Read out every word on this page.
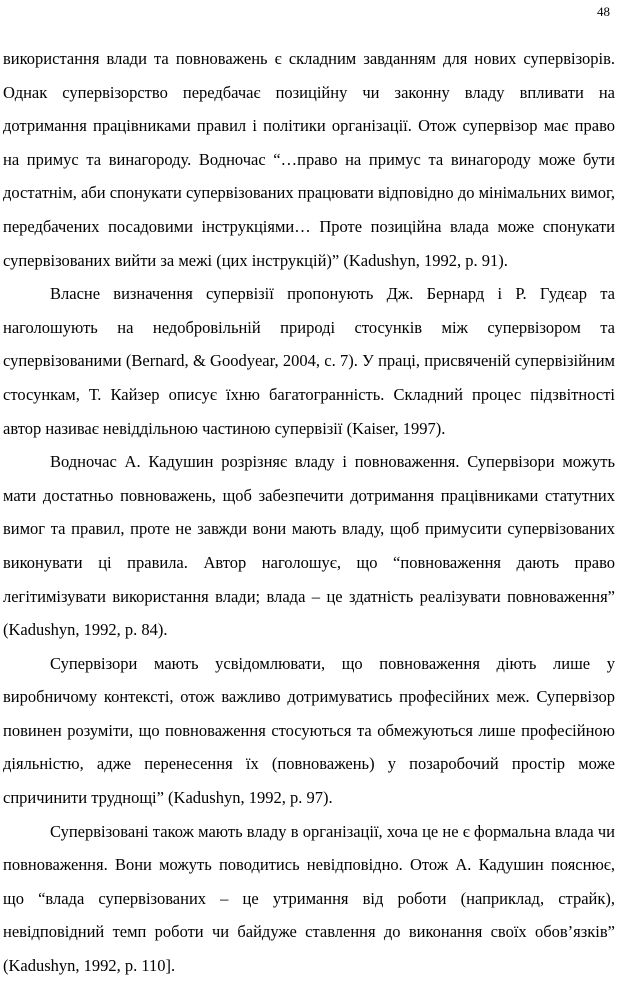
48

використання влади та повноважень є складним завданням для нових супервізорів. Однак супервізорство передбачає позиційну чи законну владу впливати на дотримання працівниками правил і політики організації. Отож супервізор має право на примус та винагороду. Водночас “…право на примус та винагороду може бути достатнім, аби спонукати супервізованих працювати відповідно до мінімальних вимог, передбачених посадовими інструкціями… Проте позиційна влада може спонукати супервізованих вийти за межі (цих інструкцій)” (Kadushyn, 1992, p. 91).

Власне визначення супервізії пропонують Дж. Бернард і Р. Гудєар та наголошують на недобровільній природі стосунків між супервізором та супервізованими (Bernard, & Goodyear, 2004, c. 7). У праці, присвяченій супервізійним стосункам, Т. Кайзер описує їхню багатогранність. Складний процес підзвітності автор називає невіддільною частиною супервізії (Kaiser, 1997).

Водночас А. Кадушин розрізняє владу і повноваження. Супервізори можуть мати достатньо повноважень, щоб забезпечити дотримання працівниками статутних вимог та правил, проте не завжди вони мають владу, щоб примусити супервізованих виконувати ці правила. Автор наголошує, що “повноваження дають право легітимізувати використання влади; влада – це здатність реалізувати повноваження” (Kadushyn, 1992, p. 84).

Супервізори мають усвідомлювати, що повноваження діють лише у виробничому контексті, отож важливо дотримуватись професійних меж. Супервізор повинен розуміти, що повноваження стосуються та обмежуються лише професійною діяльністю, адже перенесення їх (повноважень) у позаробочий простір може спричинити труднощі” (Kadushyn, 1992, p. 97).

Супервізовані також мають владу в організації, хоча це не є формальна влада чи повноваження. Вони можуть поводитись невідповідно. Отож А. Кадушин пояснює, що “влада супервізованих – це утримання від роботи (наприклад, страйк), невідповідний темп роботи чи байдуже ставлення до виконання своїх обов’язків” (Kadushyn, 1992, p. 110].
